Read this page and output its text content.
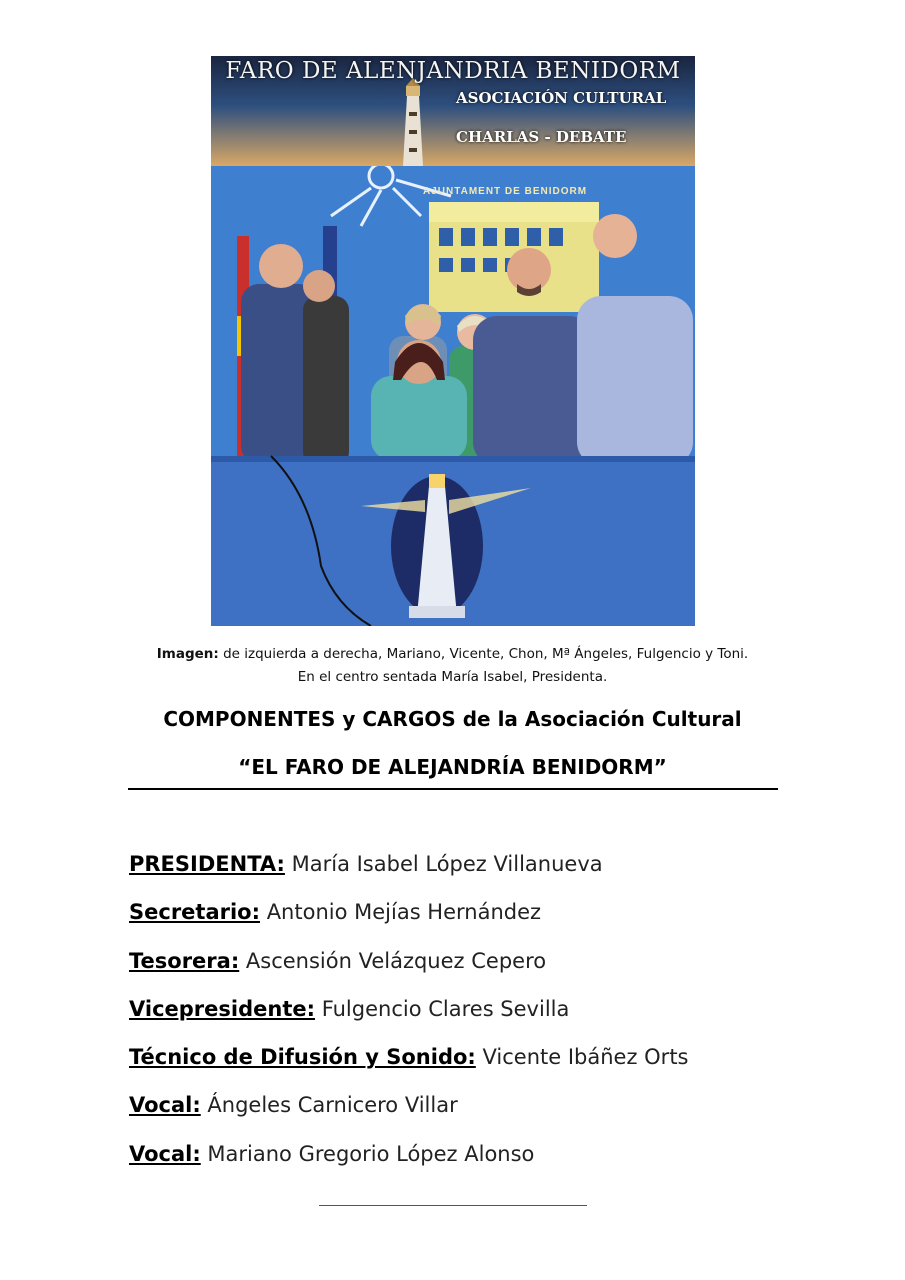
FARO DE ALENJANDRIA BENIDORM
ASOCIACIÓN CULTURAL
CHARLAS - DEBATE
AJUNTAMENT DE BENIDORM
Imagen: de izquierda a derecha, Mariano, Vicente, Chon, Mª Ángeles, Fulgencio y Toni.
En el centro sentada María Isabel, Presidenta.
COMPONENTES y CARGOS de la Asociación Cultural
“EL FARO DE ALEJANDRÍA BENIDORM”
PRESIDENTA: María Isabel López Villanueva
Secretario: Antonio Mejías Hernández
Tesorera: Ascensión Velázquez Cepero
Vicepresidente: Fulgencio Clares Sevilla
Técnico de Difusión y Sonido: Vicente Ibáñez Orts
Vocal: Ángeles Carnicero Villar
Vocal: Mariano Gregorio López Alonso
